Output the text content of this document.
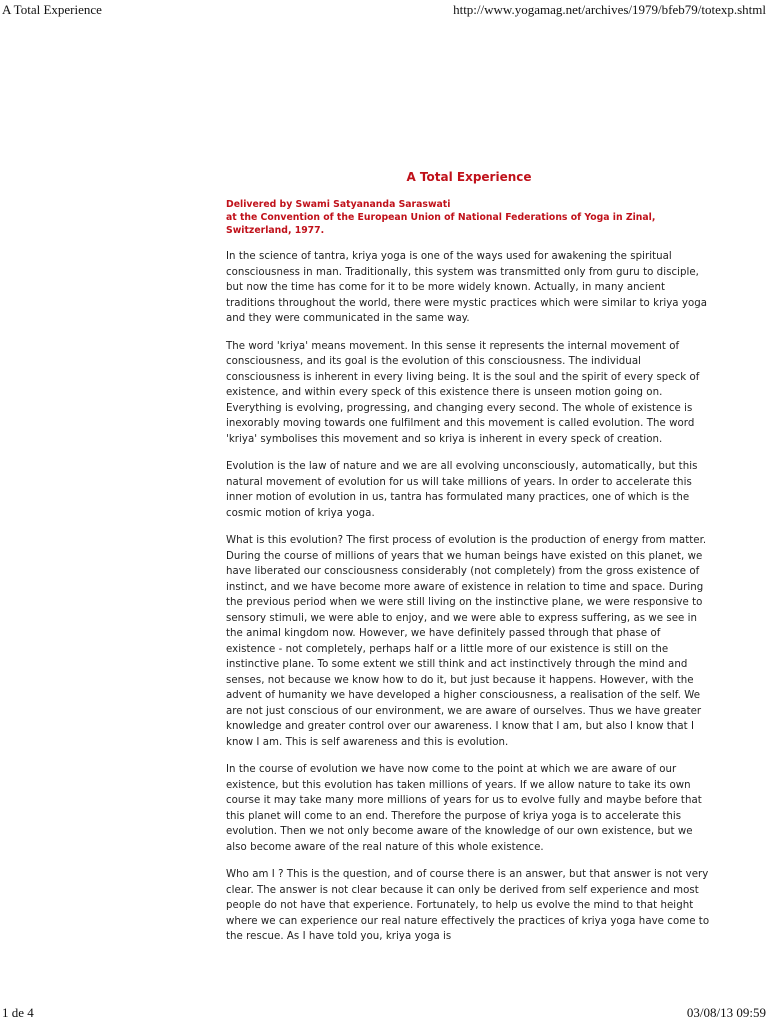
A Total Experience	http://www.yogamag.net/archives/1979/bfeb79/totexp.shtml
A Total Experience
Delivered by Swami Satyananda Saraswati
at the Convention of the European Union of National Federations of Yoga in Zinal, Switzerland, 1977.

In the science of tantra, kriya yoga is one of the ways used for awakening the spiritual consciousness in man. Traditionally, this system was transmitted only from guru to disciple, but now the time has come for it to be more widely known. Actually, in many ancient traditions throughout the world, there were mystic practices which were similar to kriya yoga and they were communicated in the same way.

The word 'kriya' means movement. In this sense it represents the internal movement of consciousness, and its goal is the evolution of this consciousness. The individual consciousness is inherent in every living being. It is the soul and the spirit of every speck of existence, and within every speck of this existence there is unseen motion going on. Everything is evolving, progressing, and changing every second. The whole of existence is inexorably moving towards one fulfilment and this movement is called evolution. The word 'kriya' symbolises this movement and so kriya is inherent in every speck of creation.

Evolution is the law of nature and we are all evolving unconsciously, automatically, but this natural movement of evolution for us will take millions of years. In order to accelerate this inner motion of evolution in us, tantra has formulated many practices, one of which is the cosmic motion of kriya yoga.

What is this evolution? The first process of evolution is the production of energy from matter. During the course of millions of years that we human beings have existed on this planet, we have liberated our consciousness considerably (not completely) from the gross existence of instinct, and we have become more aware of existence in relation to time and space. During the previous period when we were still living on the instinctive plane, we were responsive to sensory stimuli, we were able to enjoy, and we were able to express suffering, as we see in the animal kingdom now. However, we have definitely passed through that phase of existence - not completely, perhaps half or a little more of our existence is still on the instinctive plane. To some extent we still think and act instinctively through the mind and senses, not because we know how to do it, but just because it happens. However, with the advent of humanity we have developed a higher consciousness, a realisation of the self. We are not just conscious of our environment, we are aware of ourselves. Thus we have greater knowledge and greater control over our awareness. I know that I am, but also I know that I know I am. This is self awareness and this is evolution.

In the course of evolution we have now come to the point at which we are aware of our existence, but this evolution has taken millions of years. If we allow nature to take its own course it may take many more millions of years for us to evolve fully and maybe before that this planet will come to an end. Therefore the purpose of kriya yoga is to accelerate this evolution. Then we not only become aware of the knowledge of our own existence, but we also become aware of the real nature of this whole existence.

Who am I ? This is the question, and of course there is an answer, but that answer is not very clear. The answer is not clear because it can only be derived from self experience and most people do not have that experience. Fortunately, to help us evolve the mind to that height where we can experience our real nature effectively the practices of kriya yoga have come to the rescue. As I have told you, kriya yoga is

1 de 4	03/08/13 09:59
